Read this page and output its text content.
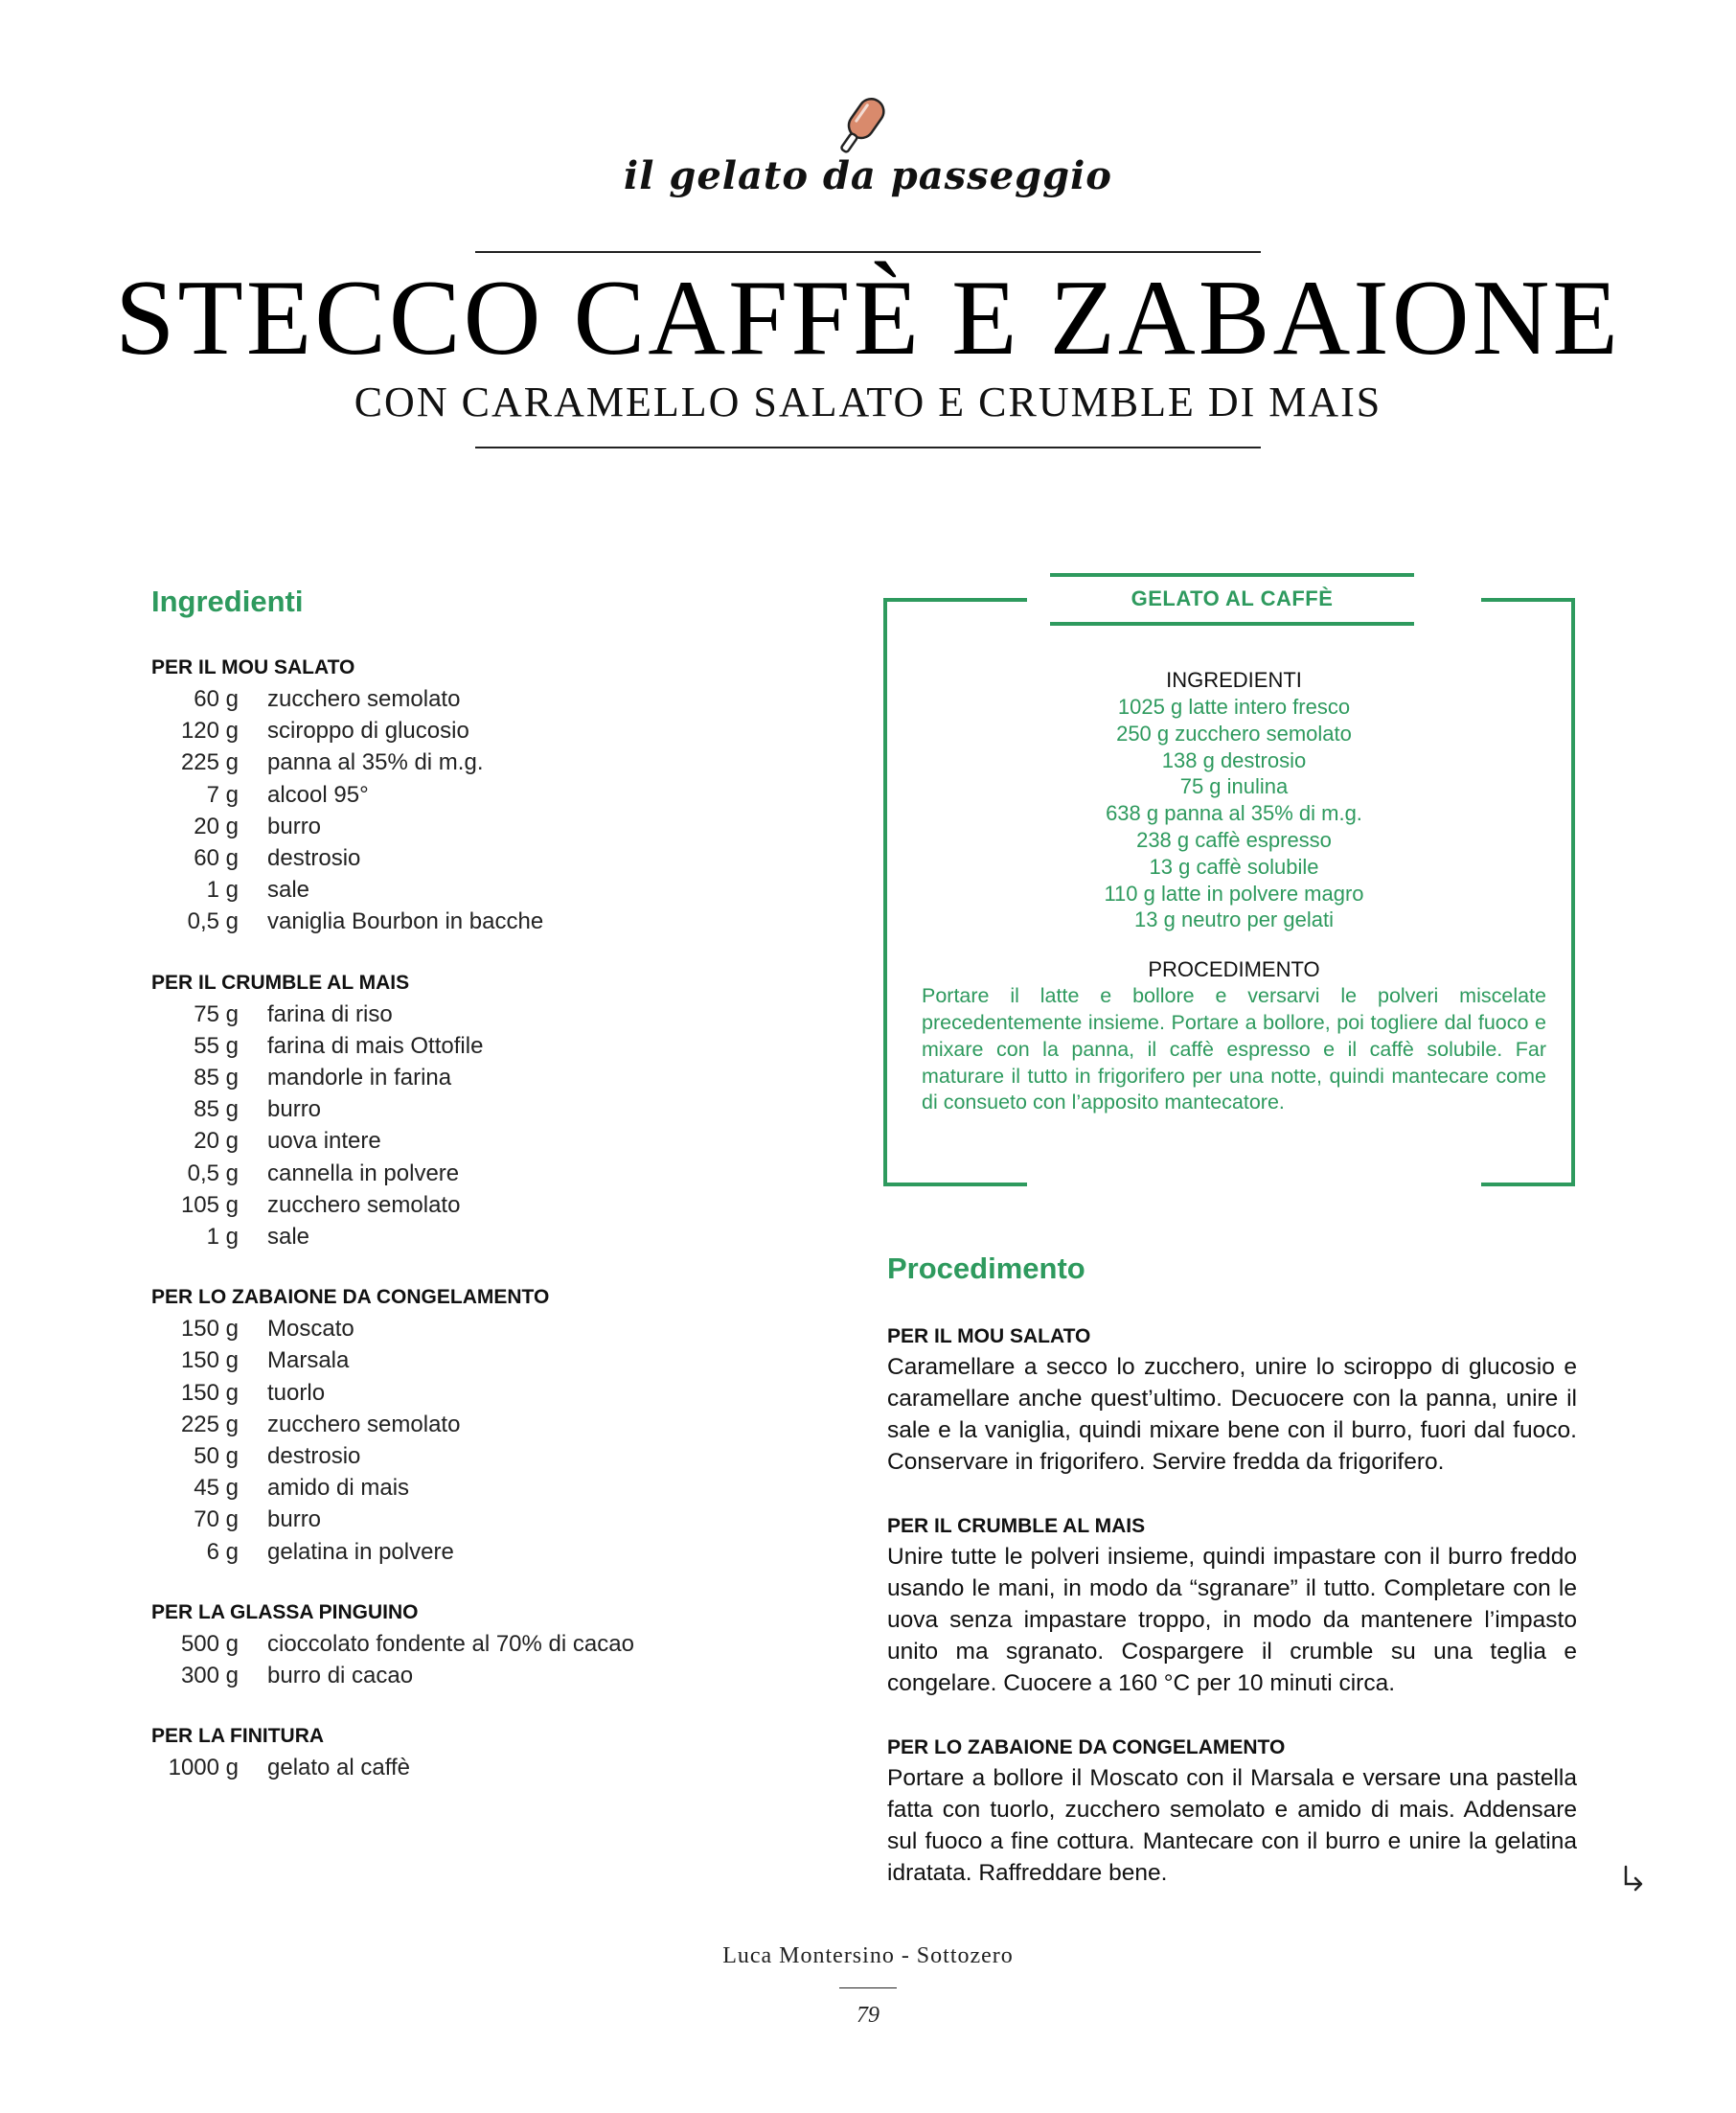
il gelato da passeggio
STECCO CAFFÈ E ZABAIONE
CON CARAMELLO SALATO E CRUMBLE DI MAIS
Ingredienti
PER IL MOU SALATO
60 g	zucchero semolato
120 g	sciroppo di glucosio
225 g	panna al 35% di m.g.
7 g	alcool 95°
20 g	burro
60 g	destrosio
1 g	sale
0,5 g	vaniglia Bourbon in bacche
PER IL CRUMBLE AL MAIS
75 g	farina di riso
55 g	farina di mais Ottofile
85 g	mandorle in farina
85 g	burro
20 g	uova intere
0,5 g	cannella in polvere
105 g	zucchero semolato
1 g	sale
PER LO ZABAIONE DA CONGELAMENTO
150 g	Moscato
150 g	Marsala
150 g	tuorlo
225 g	zucchero semolato
50 g	destrosio
45 g	amido di mais
70 g	burro
6 g	gelatina in polvere
PER LA GLASSA PINGUINO
500 g	cioccolato fondente al 70% di cacao
300 g	burro di cacao
PER LA FINITURA
1000 g	gelato al caffè
GELATO AL CAFFÈ
INGREDIENTI
1025 g latte intero fresco
250 g zucchero semolato
138 g destrosio
75 g inulina
638 g panna al 35% di m.g.
238 g caffè espresso
13 g caffè solubile
110 g latte in polvere magro
13 g neutro per gelati
PROCEDIMENTO
Portare il latte e bollore e versarvi le polveri miscelate precedentemente insieme. Portare a bollore, poi togliere dal fuoco e mixare con la panna, il caffè espresso e il caffè solubile. Far maturare il tutto in frigorifero per una notte, quindi mantecare come di consueto con l’apposito mantecatore.
Procedimento
PER IL MOU SALATO
Caramellare a secco lo zucchero, unire lo sciroppo di glucosio e caramellare anche quest’ultimo. Decuocere con la panna, unire il sale e la vaniglia, quindi mixare bene con il burro, fuori dal fuoco. Conservare in frigorifero. Servire fredda da frigorifero.
PER IL CRUMBLE AL MAIS
Unire tutte le polveri insieme, quindi impastare con il burro freddo usando le mani, in modo da “sgranare” il tutto. Completare con le uova senza impastare troppo, in modo da mantenere l’impasto unito ma sgranato. Cospargere il crumble su una teglia e congelare. Cuocere a 160 °C per 10 minuti circa.
PER LO ZABAIONE DA CONGELAMENTO
Portare a bollore il Moscato con il Marsala e versare una pastella fatta con tuorlo, zucchero semolato e amido di mais. Addensare sul fuoco a fine cottura. Mantecare con il burro e unire la gelatina idratata. Raffreddare bene.
Luca Montersino - Sottozero
79
